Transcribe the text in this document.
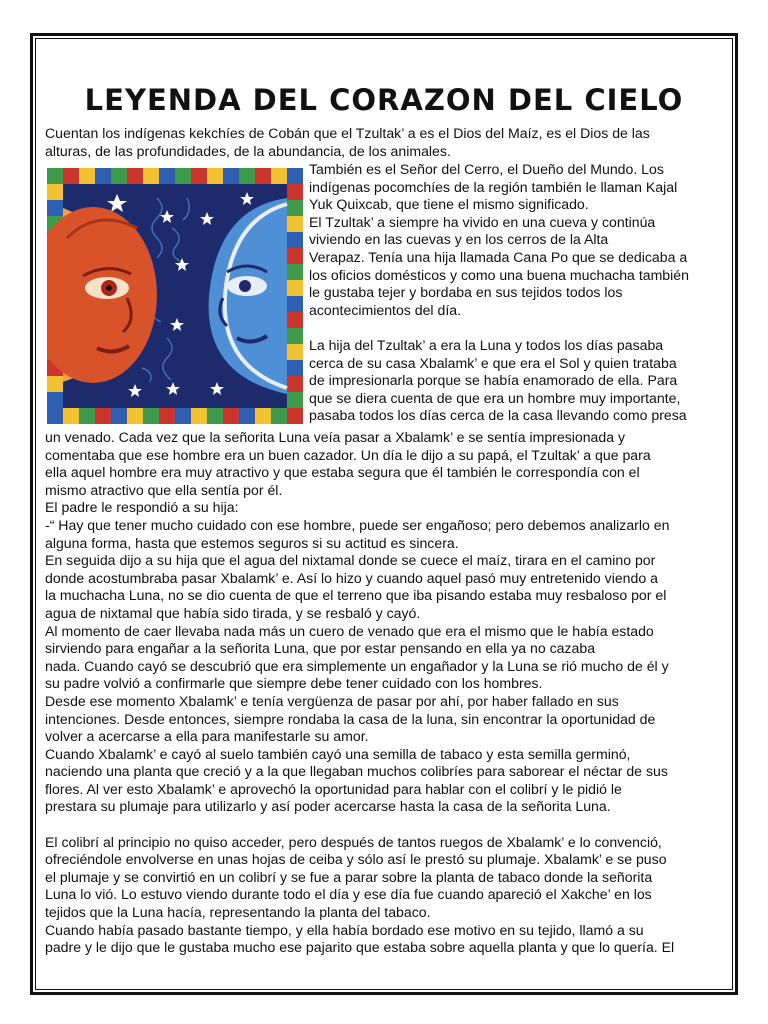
LEYENDA DEL CORAZON DEL CIELO

Cuentan los indígenas kekchíes de Cobán que el Tzultak’ a es el Dios del Maíz, es el Dios de las

alturas, de las profundidades, de la abundancia, de los animales.

También es el Señor del Cerro, el Dueño del Mundo. Los

indígenas pocomchíes de la región también le llaman Kajal

Yuk Quixcab, que tiene el mismo significado.

El Tzultak’ a siempre ha vivido en una cueva y continúa

viviendo en las cuevas y en los cerros de la Alta

Verapaz. Tenía una hija llamada Cana Po que se dedicaba a

los oficios domésticos y como una buena muchacha también

le gustaba tejer y bordaba en sus tejidos todos los

acontecimientos del día.

La hija del Tzultak’ a era la Luna y todos los días pasaba

cerca de su casa Xbalamk’ e que era el Sol y quien trataba

de impresionarla porque se había enamorado de ella. Para

que se diera cuenta de que era un hombre muy importante,

pasaba todos los días cerca de la casa llevando como presa

un venado. Cada vez que la señorita Luna veía pasar a Xbalamk’ e se sentía impresionada y

comentaba que ese hombre era un buen cazador. Un día le dijo a su papá, el Tzultak’ a que para

ella aquel hombre era muy atractivo y que estaba segura que él también le correspondía con el

mismo atractivo que ella sentía por él.

El padre le respondió a su hija:

-“ Hay que tener mucho cuidado con ese hombre, puede ser engañoso; pero debemos analizarlo en

alguna forma, hasta que estemos seguros si su actitud es sincera.

En seguida dijo a su hija que el agua del nixtamal donde se cuece el maíz, tirara en el camino por

donde acostumbraba pasar Xbalamk’ e. Así lo hizo y cuando aquel pasó muy entretenido viendo a

la muchacha Luna, no se dio cuenta de que el terreno que iba pisando estaba muy resbaloso por el

agua de nixtamal que había sido tirada, y se resbaló y cayó.

Al momento de caer llevaba nada más un cuero de venado que era el mismo que le había estado

sirviendo para engañar a la señorita Luna, que por estar pensando en ella ya no cazaba

nada. Cuando cayó se descubrió que era simplemente un engañador y la Luna se rió mucho de él y

su padre volvió a confirmarle que siempre debe tener cuidado con los hombres.

Desde ese momento Xbalamk’ e tenía vergüenza de pasar por ahí, por haber fallado en sus

intenciones. Desde entonces, siempre rondaba la casa de la luna, sin encontrar la oportunidad de

volver a acercarse a ella para manifestarle su amor.

Cuando Xbalamk’ e cayó al suelo también cayó una semilla de tabaco y esta semilla germinó,

naciendo una planta que creció y a la que llegaban muchos colibríes para saborear el néctar de sus

flores. Al ver esto Xbalamk’ e aprovechó la oportunidad para hablar con el colibrí y le pidió le

prestara su plumaje para utilizarlo y así poder acercarse hasta la casa de la señorita Luna.

El colibrí al principio no quiso acceder, pero después de tantos ruegos de Xbalamk’ e lo convenció,

ofreciéndole envolverse en unas hojas de ceiba y sólo así le prestó su plumaje. Xbalamk’ e se puso

el plumaje y se convirtió en un colibrí y se fue a parar sobre la planta de tabaco donde la señorita

Luna lo vió. Lo estuvo viendo durante todo el día y ese día fue cuando apareció el Xakche’ en los

tejidos que la Luna hacía, representando la planta del tabaco.

Cuando había pasado bastante tiempo, y ella había bordado ese motivo en su tejido, llamó a su

padre y le dijo que le gustaba mucho ese pajarito que estaba sobre aquella planta y que lo quería. El
